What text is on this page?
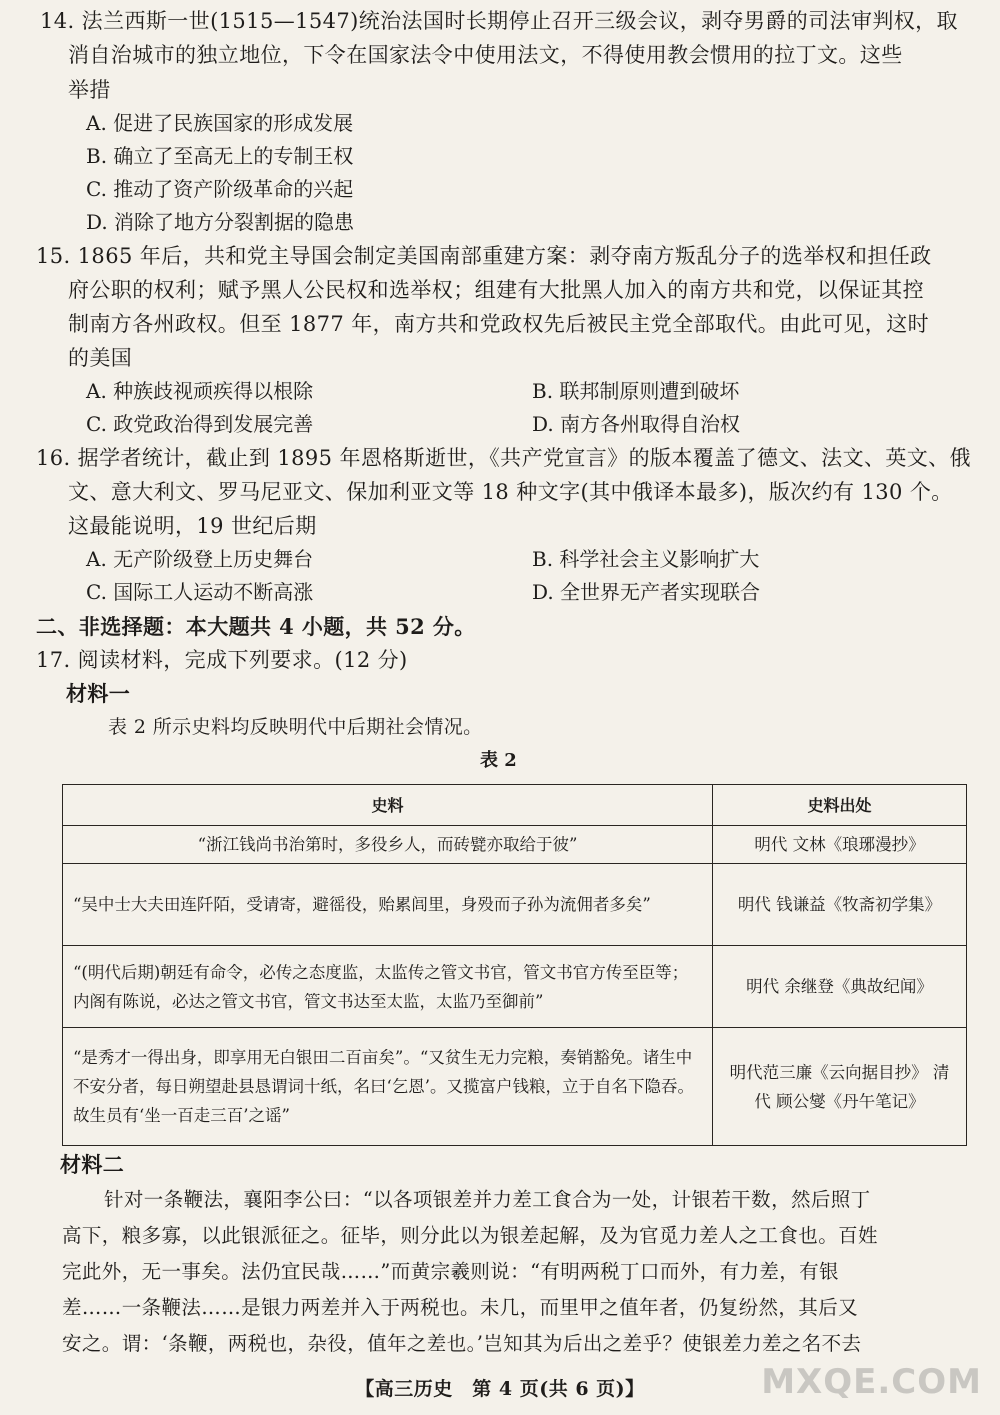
14. 法兰西斯一世(1515—1547)统治法国时长期停止召开三级会议，剥夺男爵的司法审判权，取
消自治城市的独立地位，下令在国家法令中使用法文，不得使用教会惯用的拉丁文。这些
举措
A. 促进了民族国家的形成发展
B. 确立了至高无上的专制王权
C. 推动了资产阶级革命的兴起
D. 消除了地方分裂割据的隐患
15. 1865 年后，共和党主导国会制定美国南部重建方案：剥夺南方叛乱分子的选举权和担任政
府公职的权利；赋予黑人公民权和选举权；组建有大批黑人加入的南方共和党，以保证其控
制南方各州政权。但至 1877 年，南方共和党政权先后被民主党全部取代。由此可见，这时
的美国
A. 种族歧视顽疾得以根除	B. 联邦制原则遭到破坏
C. 政党政治得到发展完善	D. 南方各州取得自治权
16. 据学者统计，截止到 1895 年恩格斯逝世，《共产党宣言》的版本覆盖了德文、法文、英文、俄
文、意大利文、罗马尼亚文、保加利亚文等 18 种文字(其中俄译本最多)，版次约有 130 个。
这最能说明，19 世纪后期
A. 无产阶级登上历史舞台	B. 科学社会主义影响扩大
C. 国际工人运动不断高涨	D. 全世界无产者实现联合
二、非选择题：本大题共 4 小题，共 52 分。
17. 阅读材料，完成下列要求。(12 分)
材料一
表 2 所示史料均反映明代中后期社会情况。
表 2
史料	史料出处
“浙江钱尚书治第时，多役乡人，而砖甓亦取给于彼”	明代 文林《琅琊漫抄》
“吴中士大夫田连阡陌，受请寄，避徭役，贻累闾里，身殁而子孙为流佣者多矣”	明代 钱谦益《牧斋初学集》
“(明代后期)朝廷有命令，必传之态度监，太监传之管文书官，管文书官方传至臣等；内阁有陈说，必达之管文书官，管文书达至太监，太监乃至御前”	明代 余继登《典故纪闻》
“是秀才一得出身，即享用无白银田二百亩矣”。“又贫生无力完粮，奏销豁免。诸生中不安分者，每日朔望赴县恳谓词十纸，名曰‘乞恩’。又揽富户钱粮，立于自名下隐吞。故生员有‘坐一百走三百’之谣”	明代范三廉《云向据目抄》 清代 顾公燮《丹午笔记》
材料二
针对一条鞭法，襄阳李公曰：“以各项银差并力差工食合为一处，计银若干数，然后照丁
高下，粮多寡，以此银派征之。征毕，则分此以为银差起解，及为官觅力差人之工食也。百姓
完此外，无一事矣。法仍宜民哉……”而黄宗羲则说：“有明两税丁口而外，有力差，有银
差……一条鞭法……是银力两差并入于两税也。未几，而里甲之值年者，仍复纷然，其后又
安之。谓：‘条鞭，两税也，杂役，值年之差也。’岂知其为后出之差乎？使银差力差之名不去
【高三历史　第 4 页(共 6 页)】	MXQE.COM
